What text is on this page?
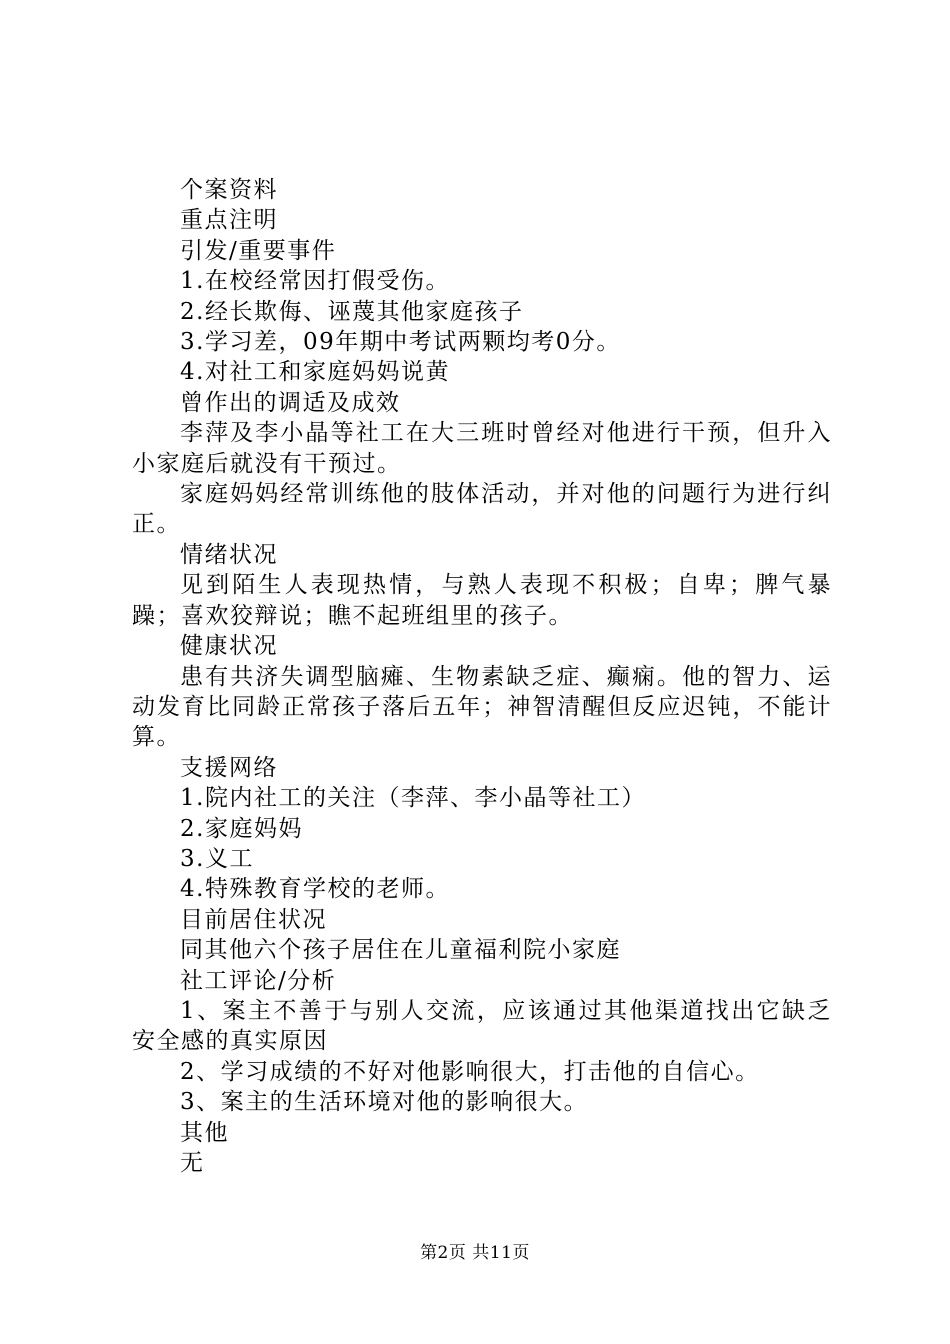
个案资料

重点注明

引发/重要事件

1.在校经常因打假受伤。

2.经长欺侮、诬蔑其他家庭孩子

3.学习差，09年期中考试两颗均考0分。

4.对社工和家庭妈妈说黄

曾作出的调适及成效

李萍及李小晶等社工在大三班时曾经对他进行干预，但升入小家庭后就没有干预过。

家庭妈妈经常训练他的肢体活动，并对他的问题行为进行纠正。

情绪状况

见到陌生人表现热情，与熟人表现不积极；自卑；脾气暴躁；喜欢狡辩说；瞧不起班组里的孩子。

健康状况

患有共济失调型脑瘫、生物素缺乏症、癫痫。他的智力、运动发育比同龄正常孩子落后五年；神智清醒但反应迟钝，不能计算。

支援网络

1.院内社工的关注（李萍、李小晶等社工）

2.家庭妈妈

3.义工

4.特殊教育学校的老师。

目前居住状况

同其他六个孩子居住在儿童福利院小家庭

社工评论/分析

1、案主不善于与别人交流，应该通过其他渠道找出它缺乏安全感的真实原因

2、学习成绩的不好对他影响很大，打击他的自信心。

3、案主的生活环境对他的影响很大。

其他

无

第2页 共11页
